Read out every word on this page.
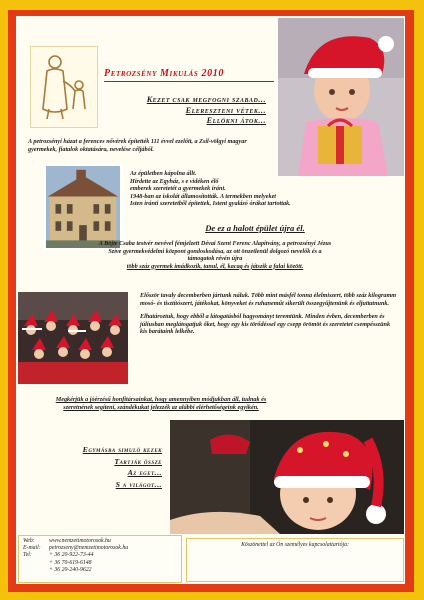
Petrozsény Mikulás 2010
Kezet csak megfogni szabad...
Elereszteni vétek...
Ellökni átok...
A petrozsényi házat a ferences nővérek építették 111 évvel ezelőtt, a Zsil-völgyi magyar gyermekek, fiatalok oktatására, nevelése céljából.
Az épületben kápolna állt.
Hirdette az Egyház, s e vidéken élő
emberek szeretetét a gyermekek iránt.
1948-ban az iskolát államosították. A termekben melyeket
Isten iránti szeretetből építettek, Istent gyalázó órákat tartottak.
De ez a halott épület újra él.
A Böjte Csaba testvér nevével fémjelzett Dévai Szent Ferenc Alapítvány, a petrozsényi Jézus
Szíve gyermekvédelmi központ gondoskodása, az ott önzetlenül dolgozó nevelők és a
támogatok révén újra
több száz gyermek imádkozik, tanul, él, kacag és játszik a falai között.

Először tavaly decemberben jártunk náluk. Több mint másfél tonna élelmiszert, több száz kilogramm mosó- és tisztítószert, játékokat, könyveket és ruhaneműt sikerült összegyűjtenünk és eljuttatnunk.

Elhatároztuk, hogy ebből a látogatásból hagyományt teremtünk. Minden évben, decemberben és júliusban meglátogatjuk őket, hogy egy kis törődéssel egy csepp örömöt és szeretetet csempésszünk kis barátaink lelkébe.

Megkérjük a jóérzésű honfitársainkat, hogy amennyiben módjukban áll, tudnak és
szeretnének segíteni, szándékukat jelezzék az alábbi elérhetőségeink egyikén.
Egymásba simuló kezek
Tartják össze
Az eget...
S a világot...
Web:	www.nemzetimotorosok.hu
E-mail:	petrozseny@nemzetimotorosok.hu
Tel:	+ 36 20-922-73-44
+ 36 70-619-6148
+ 36 20-240-9622
Köszönettel az Ön személyes kapcsolattartója:
